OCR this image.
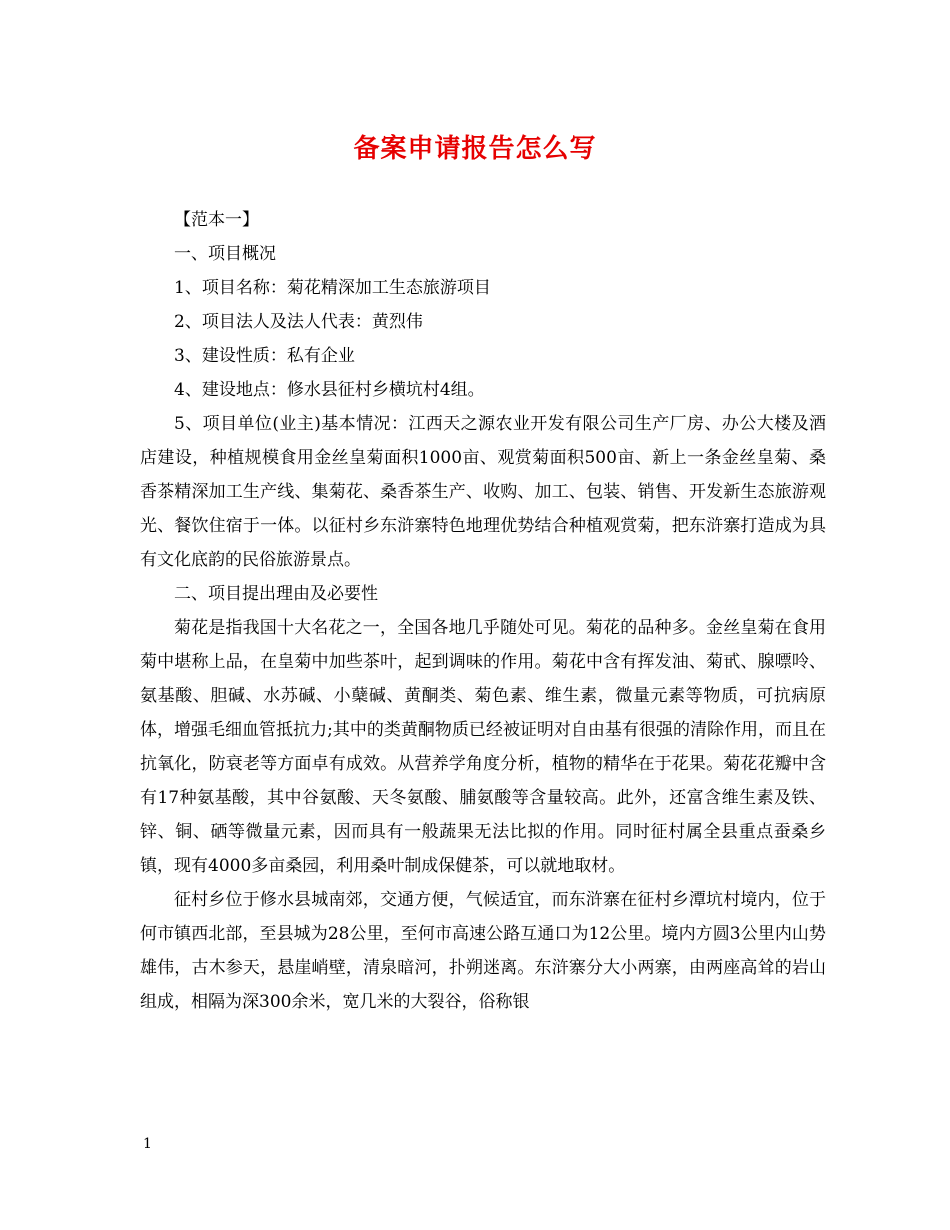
备案申请报告怎么写

【范本一】

一、项目概况

1、项目名称：菊花精深加工生态旅游项目

2、项目法人及法人代表：黄烈伟

3、建设性质：私有企业

4、建设地点：修水县征村乡横坑村4组。

5、项目单位(业主)基本情况：江西天之源农业开发有限公司生产厂房、办公大楼及酒店建设，种植规模食用金丝皇菊面积1000亩、观赏菊面积500亩、新上一条金丝皇菊、桑香茶精深加工生产线、集菊花、桑香茶生产、收购、加工、包装、销售、开发新生态旅游观光、餐饮住宿于一体。以征村乡东浒寨特色地理优势结合种植观赏菊，把东浒寨打造成为具有文化底韵的民俗旅游景点。

二、项目提出理由及必要性

菊花是指我国十大名花之一，全国各地几乎随处可见。菊花的品种多。金丝皇菊在食用菊中堪称上品，在皇菊中加些茶叶，起到调味的作用。菊花中含有挥发油、菊甙、腺嘌呤、氨基酸、胆碱、水苏碱、小蘖碱、黄酮类、菊色素、维生素，微量元素等物质，可抗病原体，增强毛细血管抵抗力;其中的类黄酮物质已经被证明对自由基有很强的清除作用，而且在抗氧化，防衰老等方面卓有成效。从营养学角度分析，植物的精华在于花果。菊花花瓣中含有17种氨基酸，其中谷氨酸、天冬氨酸、脯氨酸等含量较高。此外，还富含维生素及铁、锌、铜、硒等微量元素，因而具有一般蔬果无法比拟的作用。同时征村属全县重点蚕桑乡镇，现有4000多亩桑园，利用桑叶制成保健茶，可以就地取材。

征村乡位于修水县城南郊，交通方便，气候适宜，而东浒寨在征村乡潭坑村境内，位于何市镇西北部，至县城为28公里，至何市高速公路互通口为12公里。境内方圆3公里内山势雄伟，古木参天，悬崖峭壁，清泉暗河，扑朔迷离。东浒寨分大小两寨，由两座高耸的岩山组成，相隔为深300余米，宽几米的大裂谷，俗称银

1
